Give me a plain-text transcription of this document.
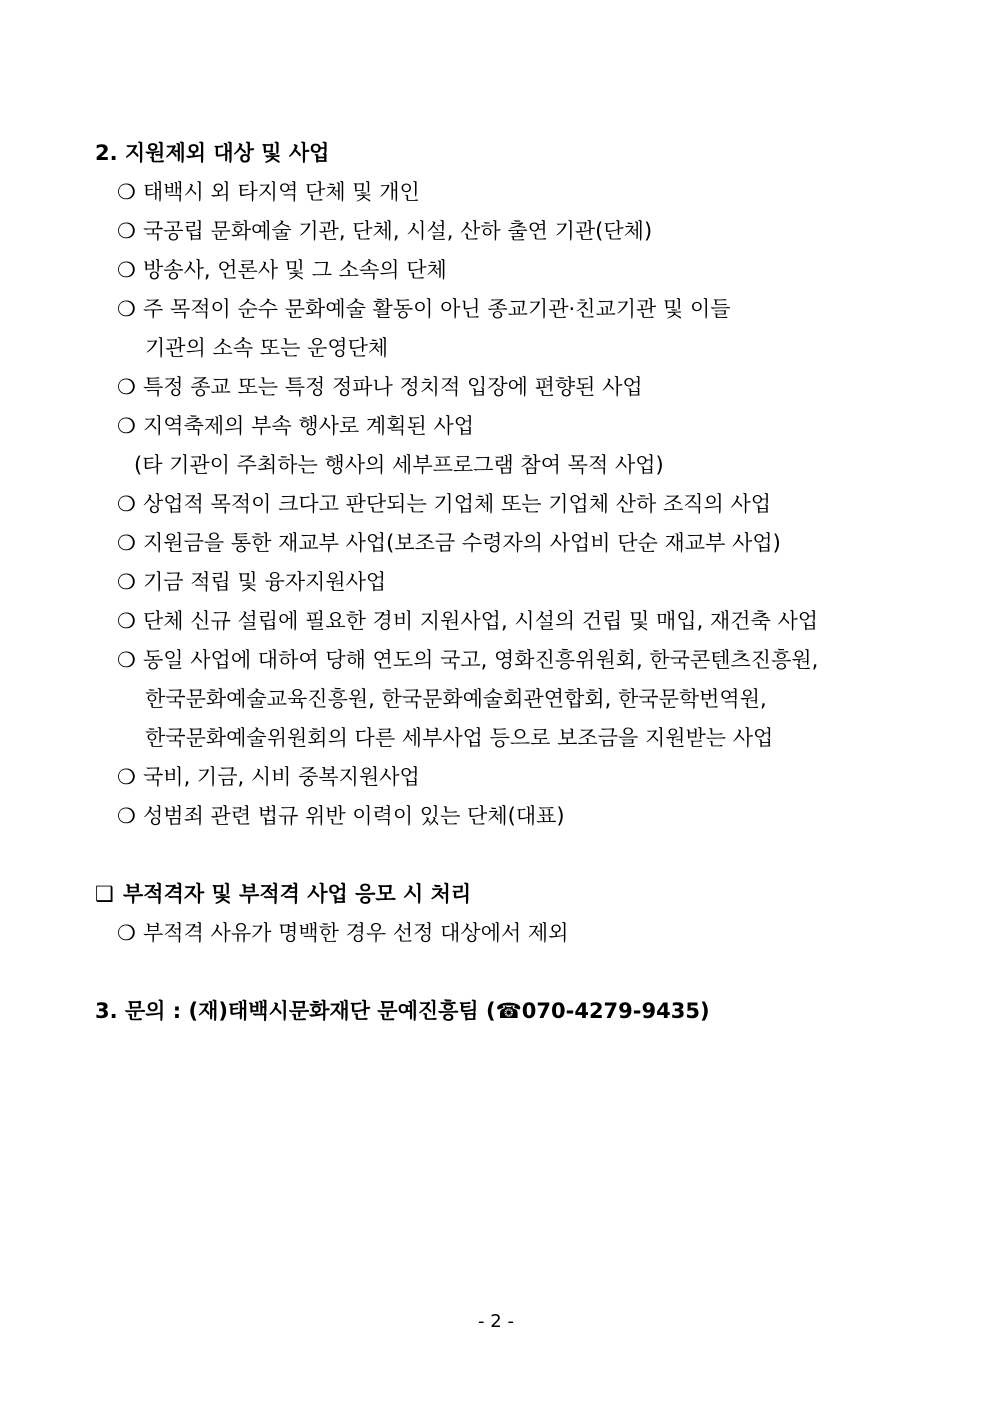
2. 지원제외 대상 및 사업
❍ 태백시 외 타지역 단체 및 개인
❍ 국공립 문화예술 기관, 단체, 시설, 산하 출연 기관(단체)
❍ 방송사, 언론사 및 그 소속의 단체
❍ 주 목적이 순수 문화예술 활동이 아닌 종교기관·친교기관 및 이들
기관의 소속 또는 운영단체
❍ 특정 종교 또는 특정 정파나 정치적 입장에 편향된 사업
❍ 지역축제의 부속 행사로 계획된 사업
(타 기관이 주최하는 행사의 세부프로그램 참여 목적 사업)
❍ 상업적 목적이 크다고 판단되는 기업체 또는 기업체 산하 조직의 사업
❍ 지원금을 통한 재교부 사업(보조금 수령자의 사업비 단순 재교부 사업)
❍ 기금 적립 및 융자지원사업
❍ 단체 신규 설립에 필요한 경비 지원사업, 시설의 건립 및 매입, 재건축 사업
❍ 동일 사업에 대하여 당해 연도의 국고, 영화진흥위원회, 한국콘텐츠진흥원,
한국문화예술교육진흥원, 한국문화예술회관연합회, 한국문학번역원,
한국문화예술위원회의 다른 세부사업 등으로 보조금을 지원받는 사업
❍ 국비, 기금, 시비 중복지원사업
❍ 성범죄 관련 법규 위반 이력이 있는 단체(대표)
❑ 부적격자 및 부적격 사업 응모 시 처리
❍ 부적격 사유가 명백한 경우 선정 대상에서 제외
3. 문의 : (재)태백시문화재단 문예진흥팀 (☎070-4279-9435)
- 2 -
